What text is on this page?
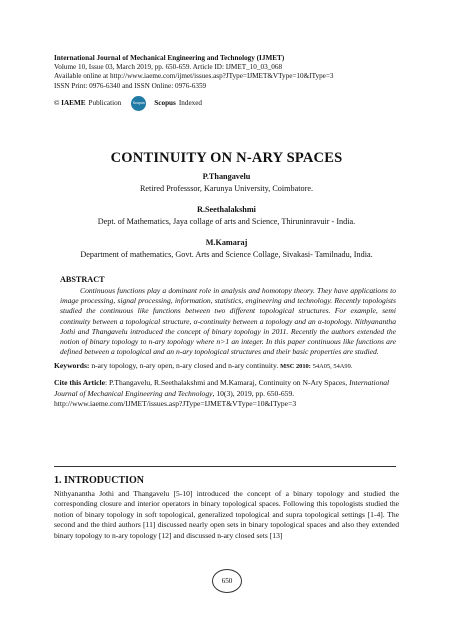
International Journal of Mechanical Engineering and Technology (IJMET)
Volume 10, Issue 03, March 2019, pp. 650-659. Article ID: IJMET_10_03_068
Available online at http://www.iaeme.com/ijmet/issues.asp?JType=IJMET&VType=10&IType=3
ISSN Print: 0976-6340 and ISSN Online: 0976-6359
© IAEME Publication	Scopus Scopus Indexed
CONTINUITY ON N-ARY SPACES
P.Thangavelu
Retired Professsor, Karunya University, Coimbatore.
R.Seethalakshmi
Dept. of Mathematics, Jaya collage of arts and Science, Thiruninravuir - India.
M.Kamaraj
Department of mathematics, Govt. Arts and Science Collage, Sivakasi- Tamilnadu, India.
ABSTRACT
Continuous functions play a dominant role in analysis and homotopy theory. They have applications to image processing, signal processing, information, statistics, engineering and technology. Recently topologists studied the continuous like functions between two different topological structures. For example, semi continuity between a topological structure, α-continuity between a topology and an α-topology. Nithyanantha Jothi and Thangavelu introduced the concept of binary topology in 2011. Recently the authors extended the notion of binary topology to n-ary topology where n>1 an integer. In this paper continuous like functions are defined between a topological and an n-ary topological structures and their basic properties are studied.
Keywords: n-ary topology, n-ary open, n-ary closed and n-ary continuity. MSC 2010: 54A05, 54A99.
Cite this Article: P.Thangavelu, R.Seethalakshmi and M.Kamaraj, Continuity on N-Ary Spaces, International Journal of Mechanical Engineering and Technology, 10(3), 2019, pp. 650-659.
http://www.iaeme.com/IJMET/issues.asp?JType=IJMET&VType=10&IType=3
1. INTRODUCTION
Nithyanantha Jothi and Thangavelu [5-10] introduced the concept of a binary topology and studied the corresponding closure and interior operators in binary topological spaces. Following this topologists studied the notion of binary topology in soft topological, generalized topological and supra topological settings [1-4]. The second and the third authors [11] discussed nearly open sets in binary topological spaces and also they extended binary topology to n-ary topology [12] and discussed n-ary closed sets [13]
650
